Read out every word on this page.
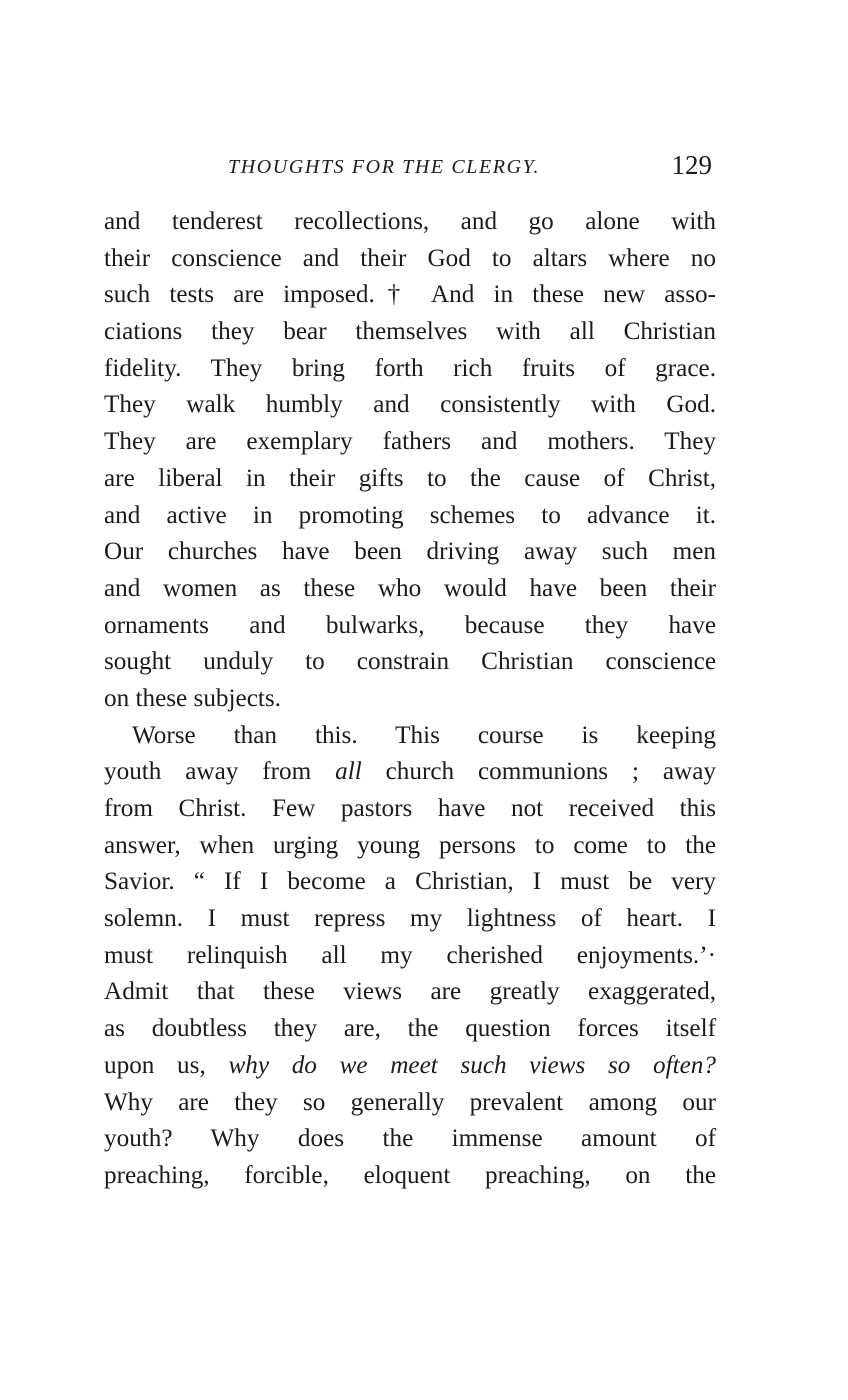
THOUGHTS FOR THE CLERGY.	129
and tenderest recollections, and go alone with
their conscience and their God to altars where no
such tests are imposed.† And in these new asso-
ciations they bear themselves with all Christian
fidelity. They bring forth rich fruits of grace.
They walk humbly and consistently with God.
They are exemplary fathers and mothers. They
are liberal in their gifts to the cause of Christ,
and active in promoting schemes to advance it.
Our churches have been driving away such men
and women as these who would have been their
ornaments and bulwarks, because they have
sought unduly to constrain Christian conscience
on these subjects.
Worse than this. This course is keeping
youth away from all church communions ; away
from Christ. Few pastors have not received this
answer, when urging young persons to come to the
Savior. “ If I become a Christian, I must be very
solemn. I must repress my lightness of heart. I
must relinquish all my cherished enjoyments.’·
Admit that these views are greatly exaggerated,
as doubtless they are, the question forces itself
upon us, why do we meet such views so often?
Why are they so generally prevalent among our
youth? Why does the immense amount of
preaching, forcible, eloquent preaching, on the
